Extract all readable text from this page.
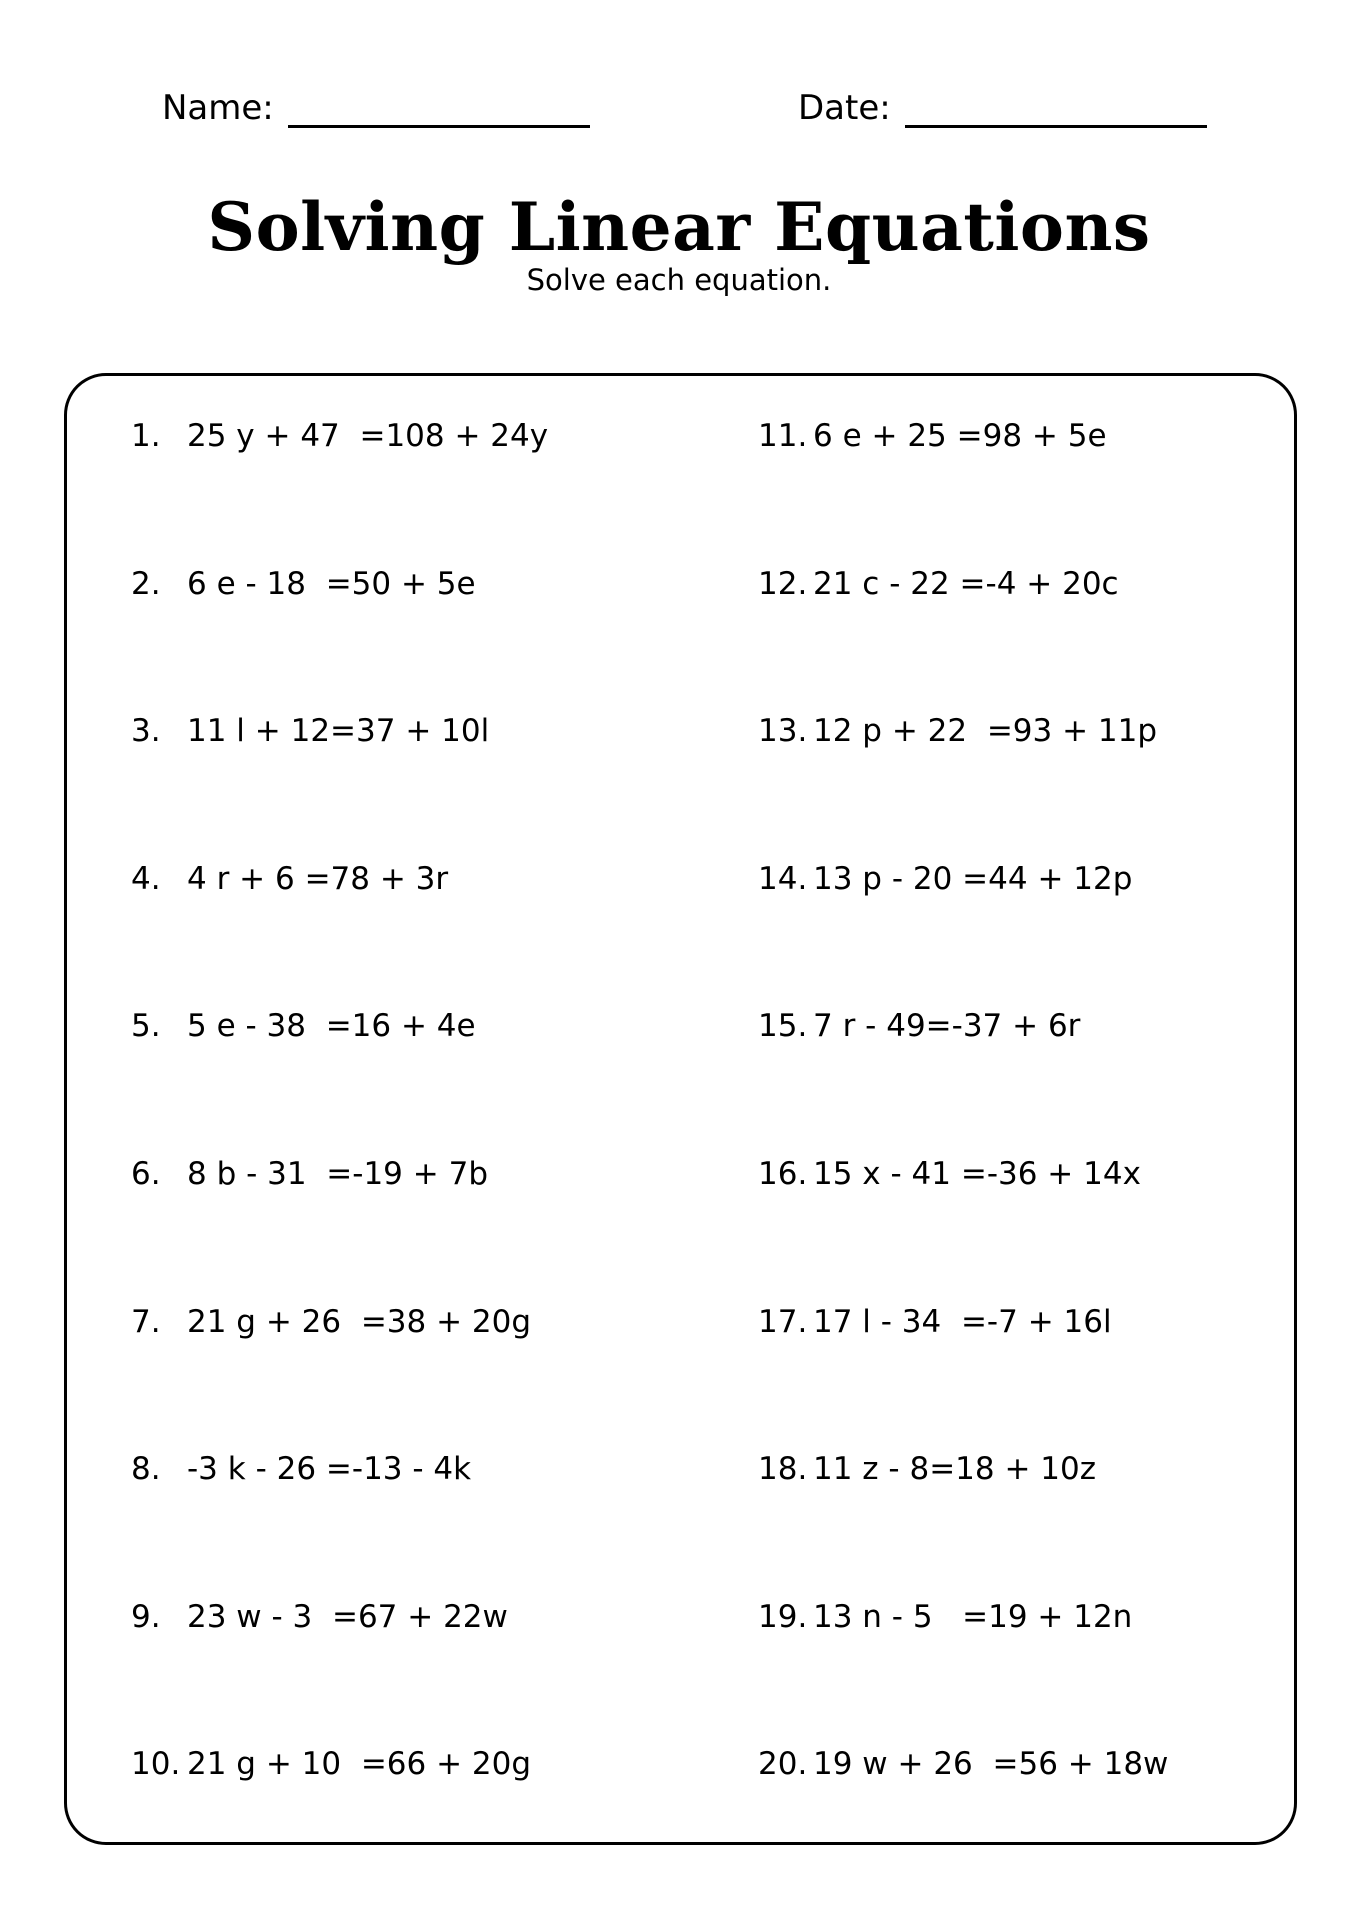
Name:	Date:
Solving Linear Equations
Solve each equation.
1. 25 y + 47  =108 + 24y
2. 6 e - 18  =50 + 5e
3. 11 l + 12=37 + 10l
4. 4 r + 6 =78 + 3r
5. 5 e - 38  =16 + 4e
6. 8 b - 31  =-19 + 7b
7. 21 g + 26  =38 + 20g
8. -3 k - 26 =-13 - 4k
9. 23 w - 3  =67 + 22w
10. 21 g + 10  =66 + 20g
11. 6 e + 25 =98 + 5e
12. 21 c - 22 =-4 + 20c
13. 12 p + 22  =93 + 11p
14. 13 p - 20 =44 + 12p
15. 7 r - 49=-37 + 6r
16. 15 x - 41 =-36 + 14x
17. 17 l - 34  =-7 + 16l
18. 11 z - 8=18 + 10z
19. 13 n - 5   =19 + 12n
20. 19 w + 26  =56 + 18w
